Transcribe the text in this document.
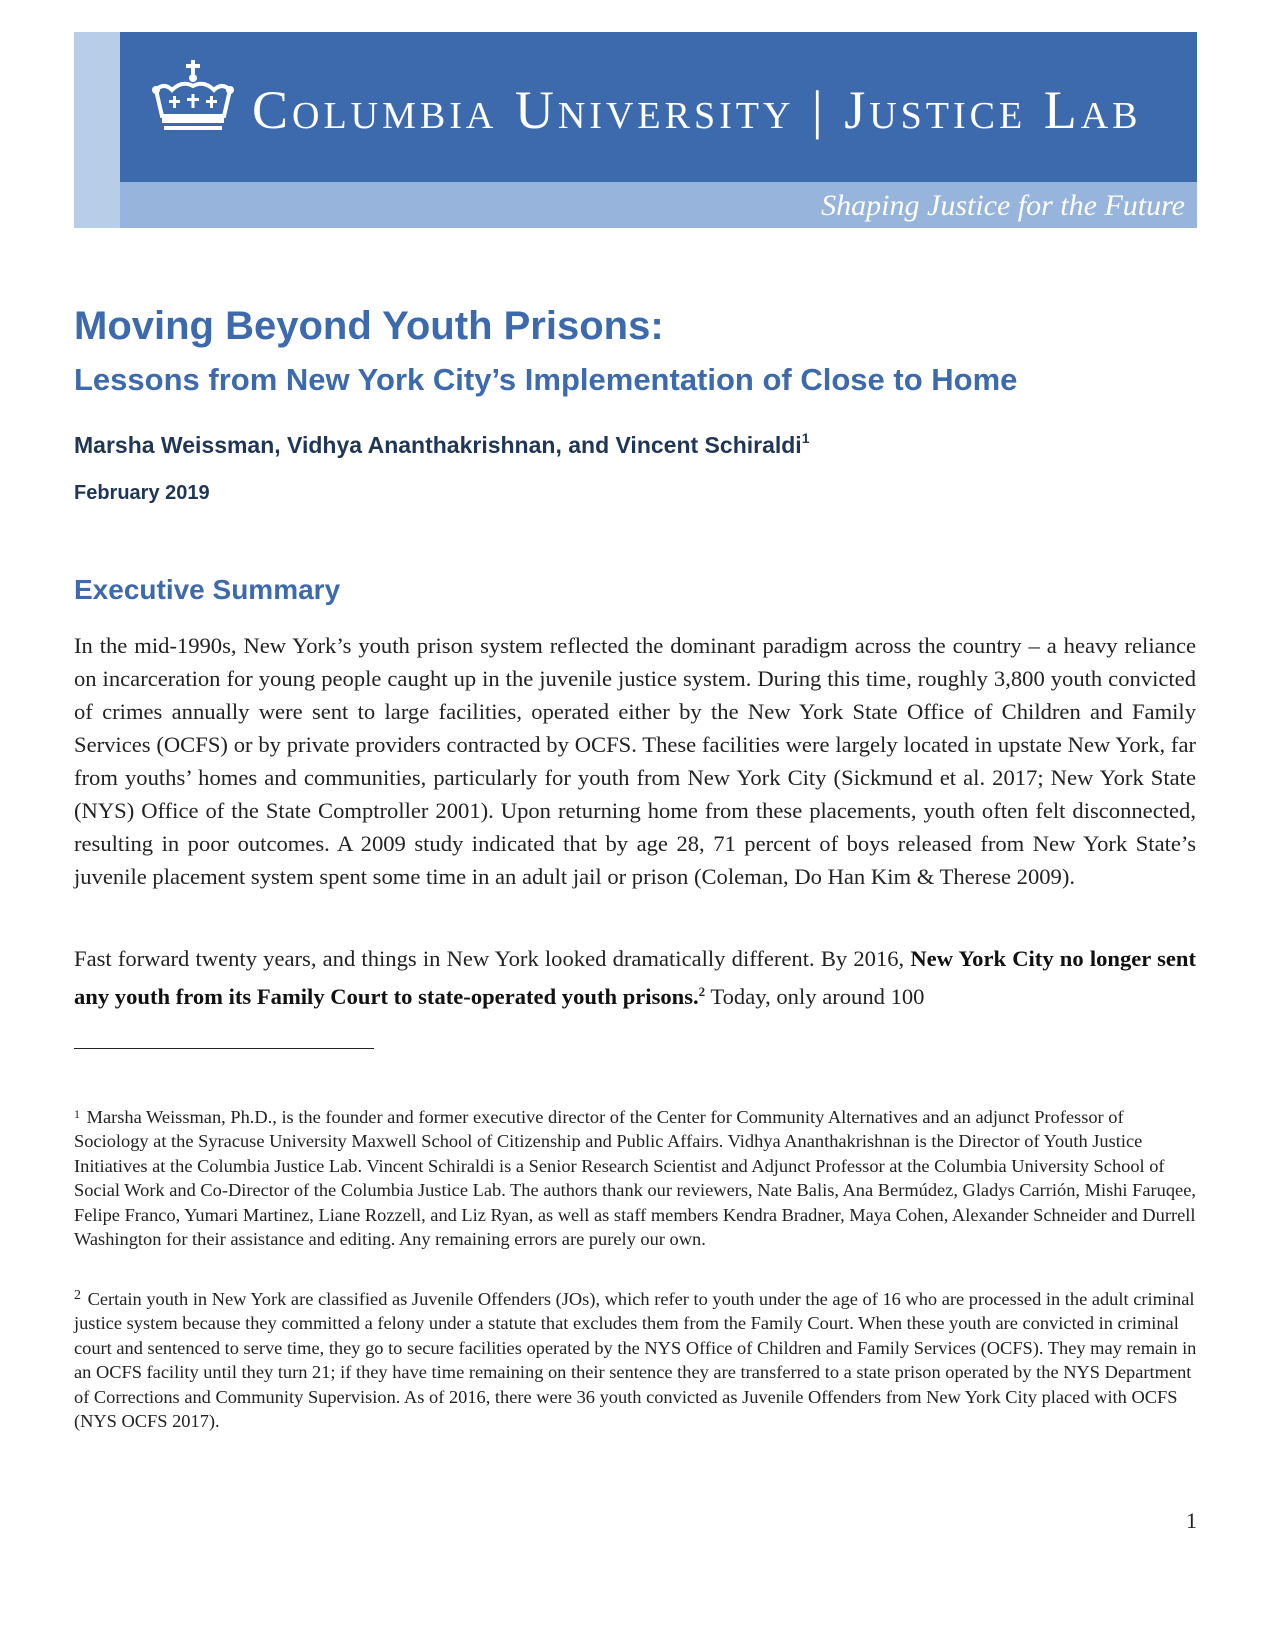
Columbia University | Justice Lab
Shaping Justice for the Future
Moving Beyond Youth Prisons:
Lessons from New York City’s Implementation of Close to Home
Marsha Weissman, Vidhya Ananthakrishnan, and Vincent Schiraldi$^1$
February 2019
Executive Summary

In the mid-1990s, New York’s youth prison system reflected the dominant paradigm across the country – a heavy reliance on incarceration for young people caught up in the juvenile justice system. During this time, roughly 3,800 youth convicted of crimes annually were sent to large facilities, operated either by the New York State Office of Children and Family Services (OCFS) or by private providers contracted by OCFS. These facilities were largely located in upstate New York, far from youths’ homes and communities, particularly for youth from New York City (Sickmund et al. 2017; New York State (NYS) Office of the State Comptroller 2001). Upon returning home from these placements, youth often felt disconnected, resulting in poor outcomes. A 2009 study indicated that by age 28, 71 percent of boys released from New York State’s juvenile placement system spent some time in an adult jail or prison (Coleman, Do Han Kim & Therese 2009).

Fast forward twenty years, and things in New York looked dramatically different. By 2016, New York City no longer sent any youth from its Family Court to state-operated youth prisons.$^2$ Today, only around 100

$^1$ Marsha Weissman, Ph.D., is the founder and former executive director of the Center for Community Alternatives and an adjunct Professor of Sociology at the Syracuse University Maxwell School of Citizenship and Public Affairs. Vidhya Ananthakrishnan is the Director of Youth Justice Initiatives at the Columbia Justice Lab. Vincent Schiraldi is a Senior Research Scientist and Adjunct Professor at the Columbia University School of Social Work and Co-Director of the Columbia Justice Lab. The authors thank our reviewers, Nate Balis, Ana Bermúdez, Gladys Carrión, Mishi Faruqee, Felipe Franco, Yumari Martinez, Liane Rozzell, and Liz Ryan, as well as staff members Kendra Bradner, Maya Cohen, Alexander Schneider and Durrell Washington for their assistance and editing. Any remaining errors are purely our own.

$^2$ Certain youth in New York are classified as Juvenile Offenders (JOs), which refer to youth under the age of 16 who are processed in the adult criminal justice system because they committed a felony under a statute that excludes them from the Family Court. When these youth are convicted in criminal court and sentenced to serve time, they go to secure facilities operated by the NYS Office of Children and Family Services (OCFS). They may remain in an OCFS facility until they turn 21; if they have time remaining on their sentence they are transferred to a state prison operated by the NYS Department of Corrections and Community Supervision. As of 2016, there were 36 youth convicted as Juvenile Offenders from New York City placed with OCFS (NYS OCFS 2017).

1
